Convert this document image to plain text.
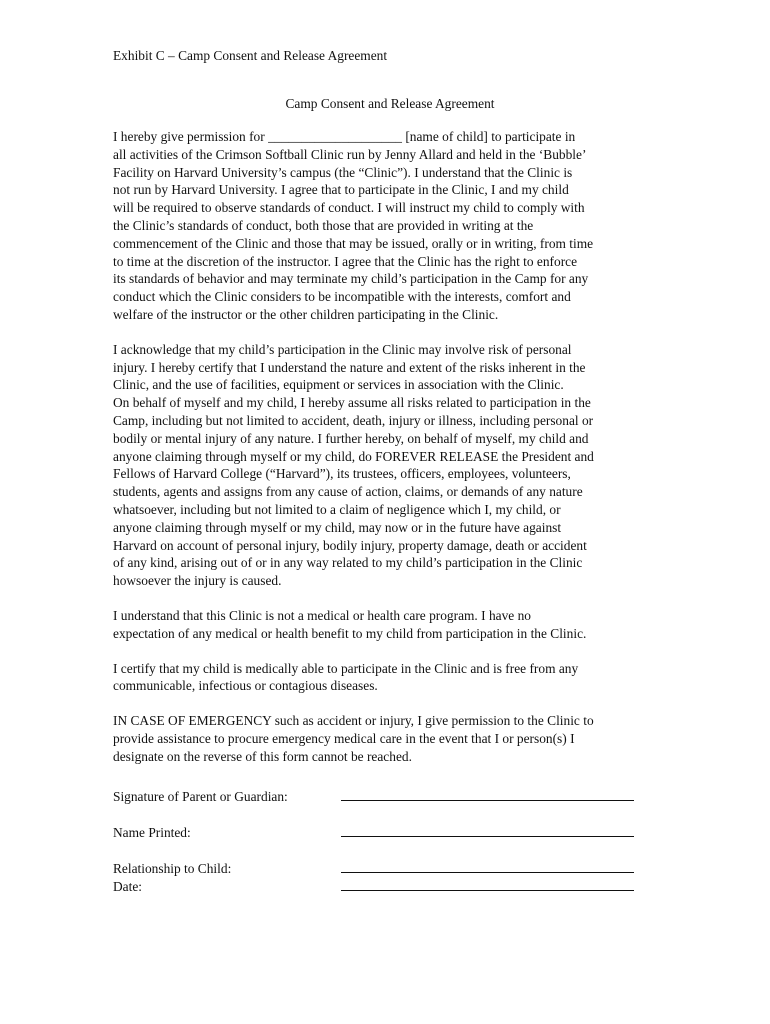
Exhibit C – Camp Consent and Release Agreement
Camp Consent and Release Agreement
I hereby give permission for ____________________ [name of child] to participate in
all activities of the Crimson Softball Clinic run by Jenny Allard and held in the ‘Bubble’
Facility on Harvard University’s campus (the “Clinic”). I understand that the Clinic is
not run by Harvard University. I agree that to participate in the Clinic, I and my child
will be required to observe standards of conduct. I will instruct my child to comply with
the Clinic’s standards of conduct, both those that are provided in writing at the
commencement of the Clinic and those that may be issued, orally or in writing, from time
to time at the discretion of the instructor. I agree that the Clinic has the right to enforce
its standards of behavior and may terminate my child’s participation in the Camp for any
conduct which the Clinic considers to be incompatible with the interests, comfort and
welfare of the instructor or the other children participating in the Clinic.
I acknowledge that my child’s participation in the Clinic may involve risk of personal
injury. I hereby certify that I understand the nature and extent of the risks inherent in the
Clinic, and the use of facilities, equipment or services in association with the Clinic.
On behalf of myself and my child, I hereby assume all risks related to participation in the
Camp, including but not limited to accident, death, injury or illness, including personal or
bodily or mental injury of any nature. I further hereby, on behalf of myself, my child and
anyone claiming through myself or my child, do FOREVER RELEASE the President and
Fellows of Harvard College (“Harvard”), its trustees, officers, employees, volunteers,
students, agents and assigns from any cause of action, claims, or demands of any nature
whatsoever, including but not limited to a claim of negligence which I, my child, or
anyone claiming through myself or my child, may now or in the future have against
Harvard on account of personal injury, bodily injury, property damage, death or accident
of any kind, arising out of or in any way related to my child’s participation in the Clinic
howsoever the injury is caused.
I understand that this Clinic is not a medical or health care program. I have no
expectation of any medical or health benefit to my child from participation in the Clinic.
I certify that my child is medically able to participate in the Clinic and is free from any
communicable, infectious or contagious diseases.
IN CASE OF EMERGENCY such as accident or injury, I give permission to the Clinic to
provide assistance to procure emergency medical care in the event that I or person(s) I
designate on the reverse of this form cannot be reached.
Signature of Parent or Guardian:
Name Printed:
Relationship to Child:
Date:
